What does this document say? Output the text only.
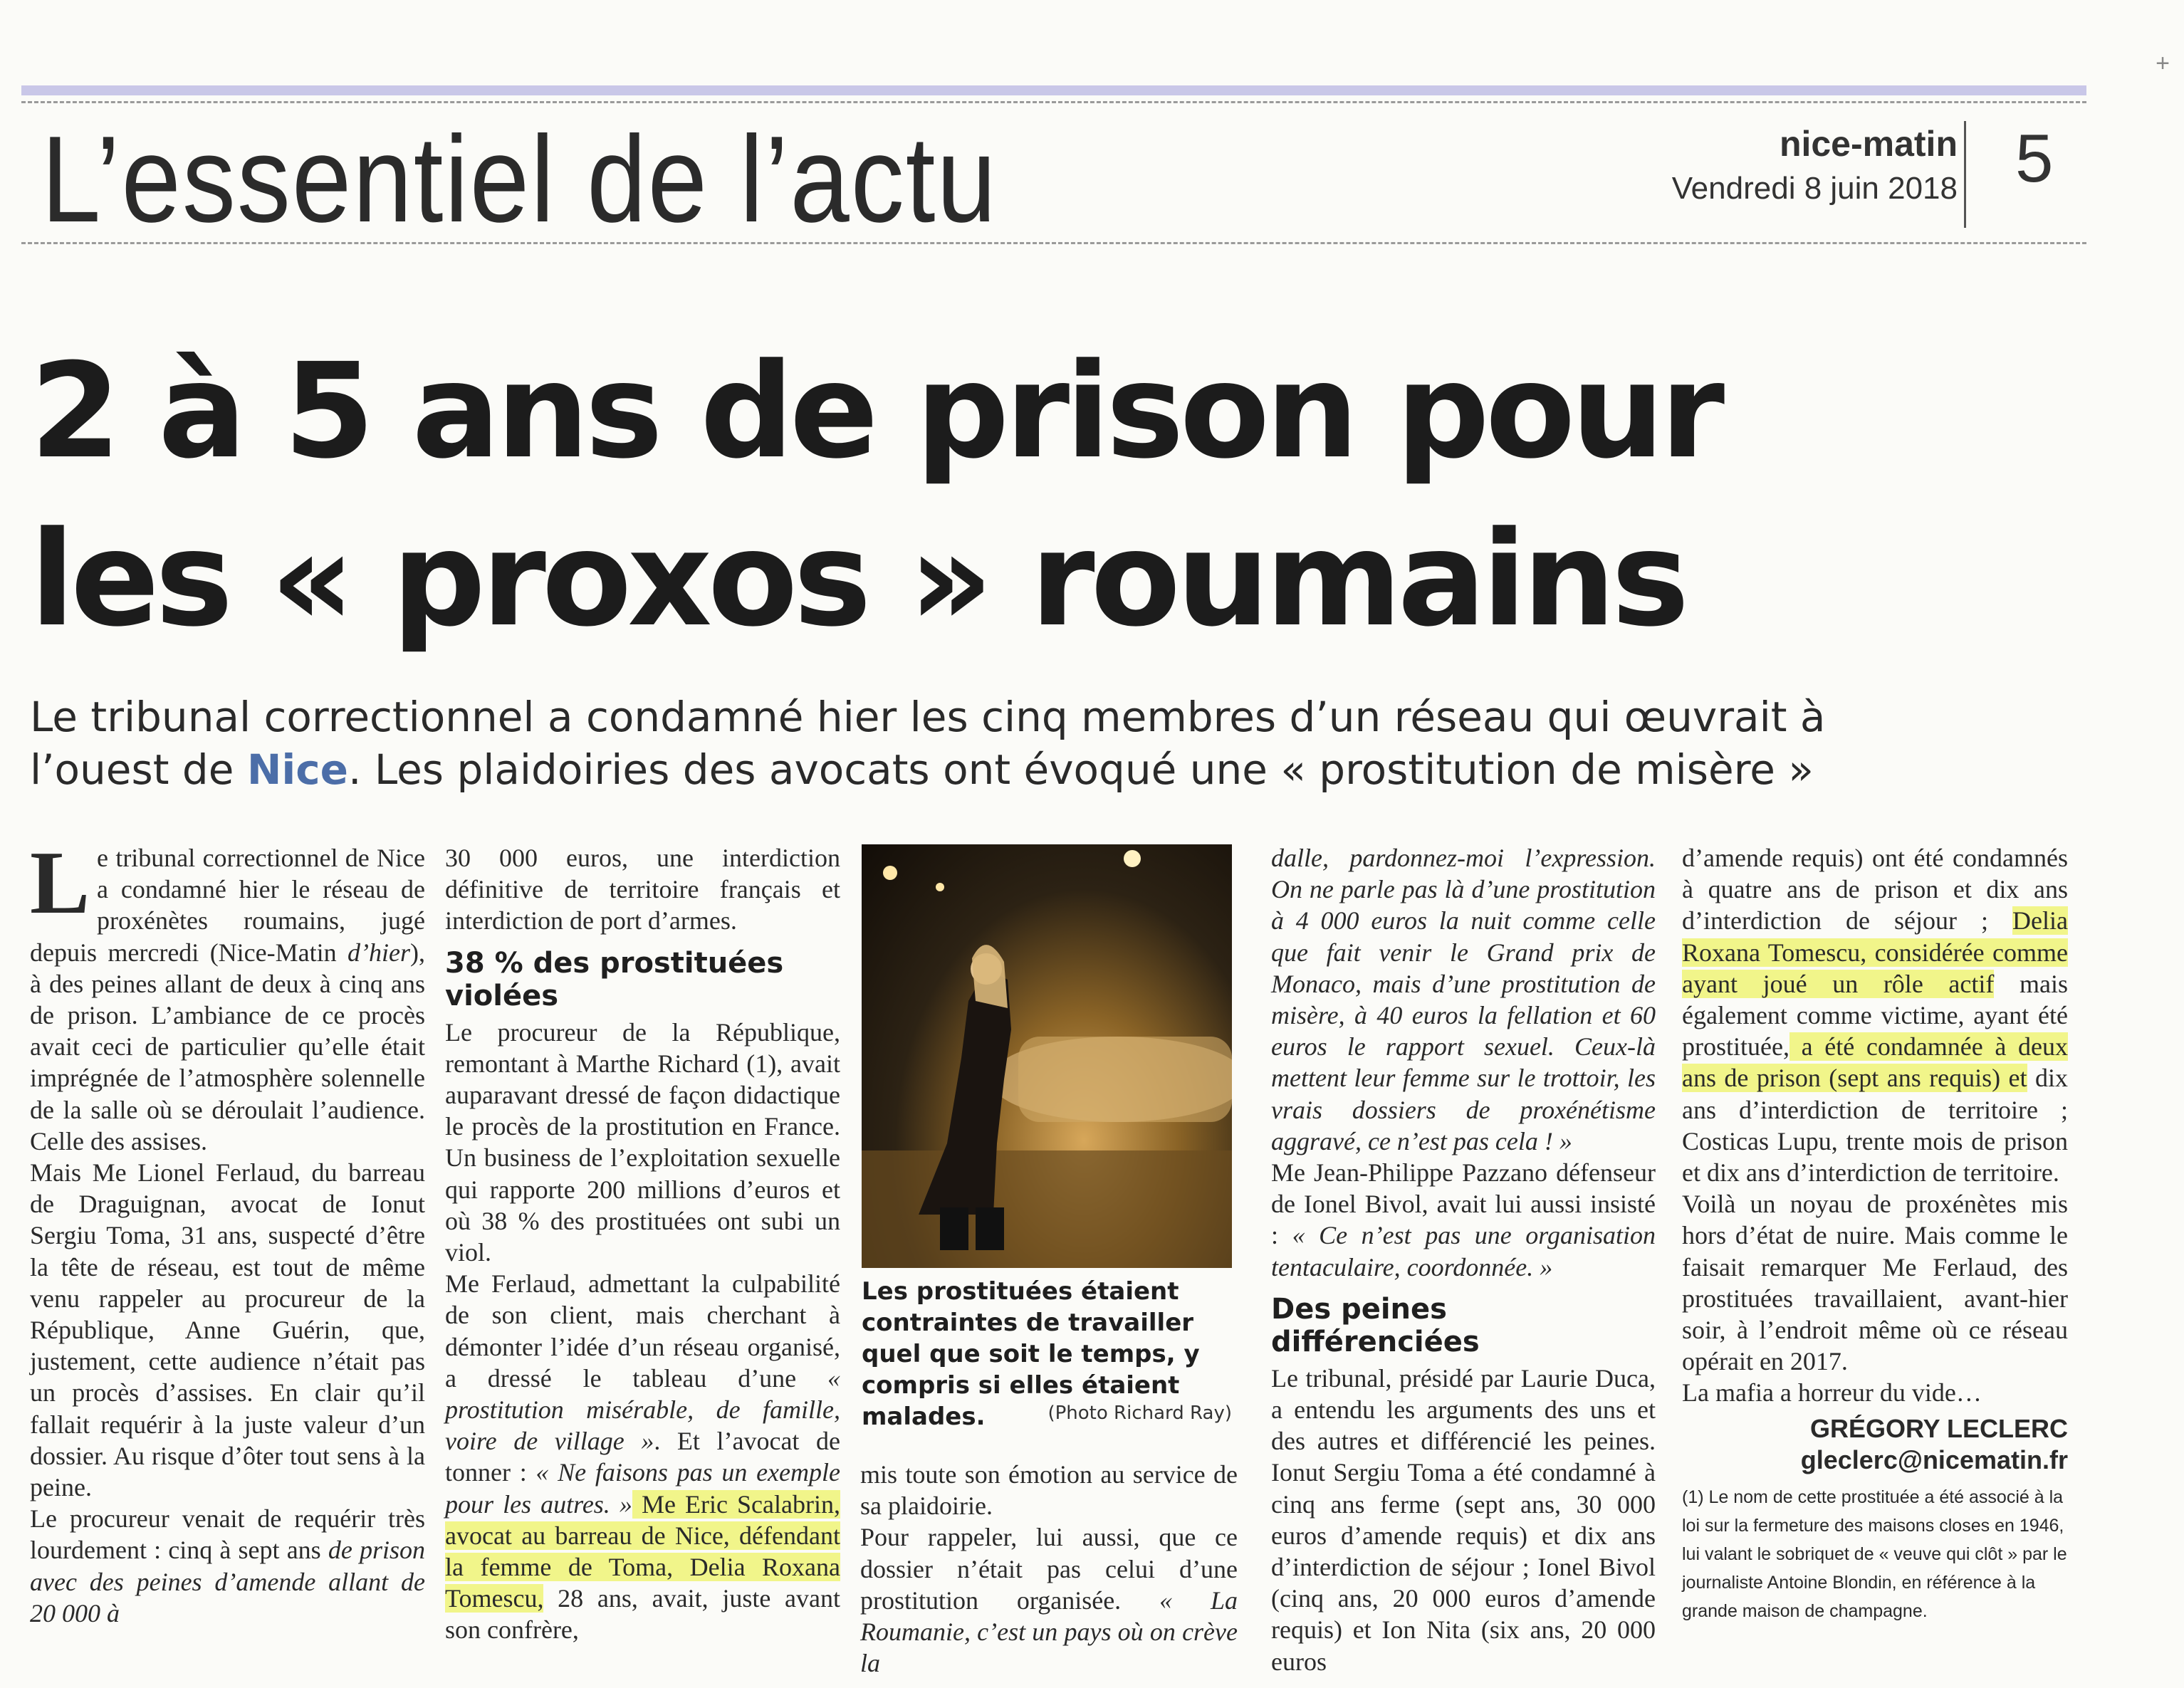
+
L’essentiel de l’actu	nice-matin
Vendredi 8 juin 2018 5
2 à 5 ans de prison pour
les « proxos » roumains
Le tribunal correctionnel a condamné hier les cinq membres d’un réseau qui œuvrait à l’ouest de Nice. Les plaidoiries des avocats ont évoqué une « prostitution de misère »

Le tribunal correctionnel de Nice a condamné hier le réseau de proxénètes roumains, jugé depuis mercredi (Nice-Matin d’hier), à des peines allant de deux à cinq ans de prison. L’ambiance de ce procès avait ceci de particulier qu’elle était imprégnée de l’atmosphère solennelle de la salle où se déroulait l’audience. Celle des assises.

Mais Me Lionel Ferlaud, du barreau de Draguignan, avocat de Ionut Sergiu Toma, 31 ans, suspecté d’être la tête de réseau, est tout de même venu rappeler au procureur de la République, Anne Guérin, que, justement, cette audience n’était pas un procès d’assises. En clair qu’il fallait requérir à la juste valeur d’un dossier. Au risque d’ôter tout sens à la peine.

Le procureur venait de requérir très lourdement : cinq à sept ans de prison avec des peines d’amende allant de 20 000 à

30 000 euros, une interdiction définitive de territoire français et interdiction de port d’armes.

38 % des prostituées violées

Le procureur de la République, remontant à Marthe Richard (1), avait auparavant dressé de façon didactique le procès de la prostitution en France. Un business de l’exploitation sexuelle qui rapporte 200 millions d’euros et où 38 % des prostituées ont subi un viol.

Me Ferlaud, admettant la culpabilité de son client, mais cherchant à démonter l’idée d’un réseau organisé, a dressé le tableau d’une « prostitution misérable, de famille, voire de village ». Et l’avocat de tonner : « Ne faisons pas un exemple pour les autres. » Me Eric Scalabrin, avocat au barreau de Nice, défendant la femme de Toma, Delia Roxana Tomescu, 28 ans, avait, juste avant son confrère,

Les prostituées étaient contraintes de travailler quel que soit le temps, y compris si elles étaient malades.	(Photo Richard Ray)

mis toute son émotion au service de sa plaidoirie.

Pour rappeler, lui aussi, que ce dossier n’était pas celui d’une prostitution organisée. « La Roumanie, c’est un pays où on crève la

dalle, pardonnez-moi l’expression. On ne parle pas là d’une prostitution à 4 000 euros la nuit comme celle que fait venir le Grand prix de Monaco, mais d’une prostitution de misère, à 40 euros la fellation et 60 euros le rapport sexuel. Ceux-là mettent leur femme sur le trottoir, les vrais dossiers de proxénétisme aggravé, ce n’est pas cela ! »

Me Jean-Philippe Pazzano défenseur de Ionel Bivol, avait lui aussi insisté : « Ce n’est pas une organisation tentaculaire, coordonnée. »

Des peines différenciées

Le tribunal, présidé par Laurie Duca, a entendu les arguments des uns et des autres et différencié les peines. Ionut Sergiu Toma a été condamné à cinq ans ferme (sept ans, 30 000 euros d’amende requis) et dix ans d’interdiction de séjour ; Ionel Bivol (cinq ans, 20 000 euros d’amende requis) et Ion Nita (six ans, 20 000 euros

d’amende requis) ont été condamnés à quatre ans de prison et dix ans d’interdiction de séjour ; Delia Roxana Tomescu, considérée comme ayant joué un rôle actif mais également comme victime, ayant été prostituée, a été condamnée à deux ans de prison (sept ans requis) et dix ans d’interdiction de territoire ; Costicas Lupu, trente mois de prison et dix ans d’interdiction de territoire.

Voilà un noyau de proxénètes mis hors d’état de nuire. Mais comme le faisait remarquer Me Ferlaud, des prostituées travaillaient, avant-hier soir, à l’endroit même où ce réseau opérait en 2017.

La mafia a horreur du vide…

GRÉGORY LECLERC
gleclerc@nicematin.fr
(1) Le nom de cette prostituée a été associé à la loi sur la fermeture des maisons closes en 1946, lui valant le sobriquet de « veuve qui clôt » par le journaliste Antoine Blondin, en référence à la grande maison de champagne.
